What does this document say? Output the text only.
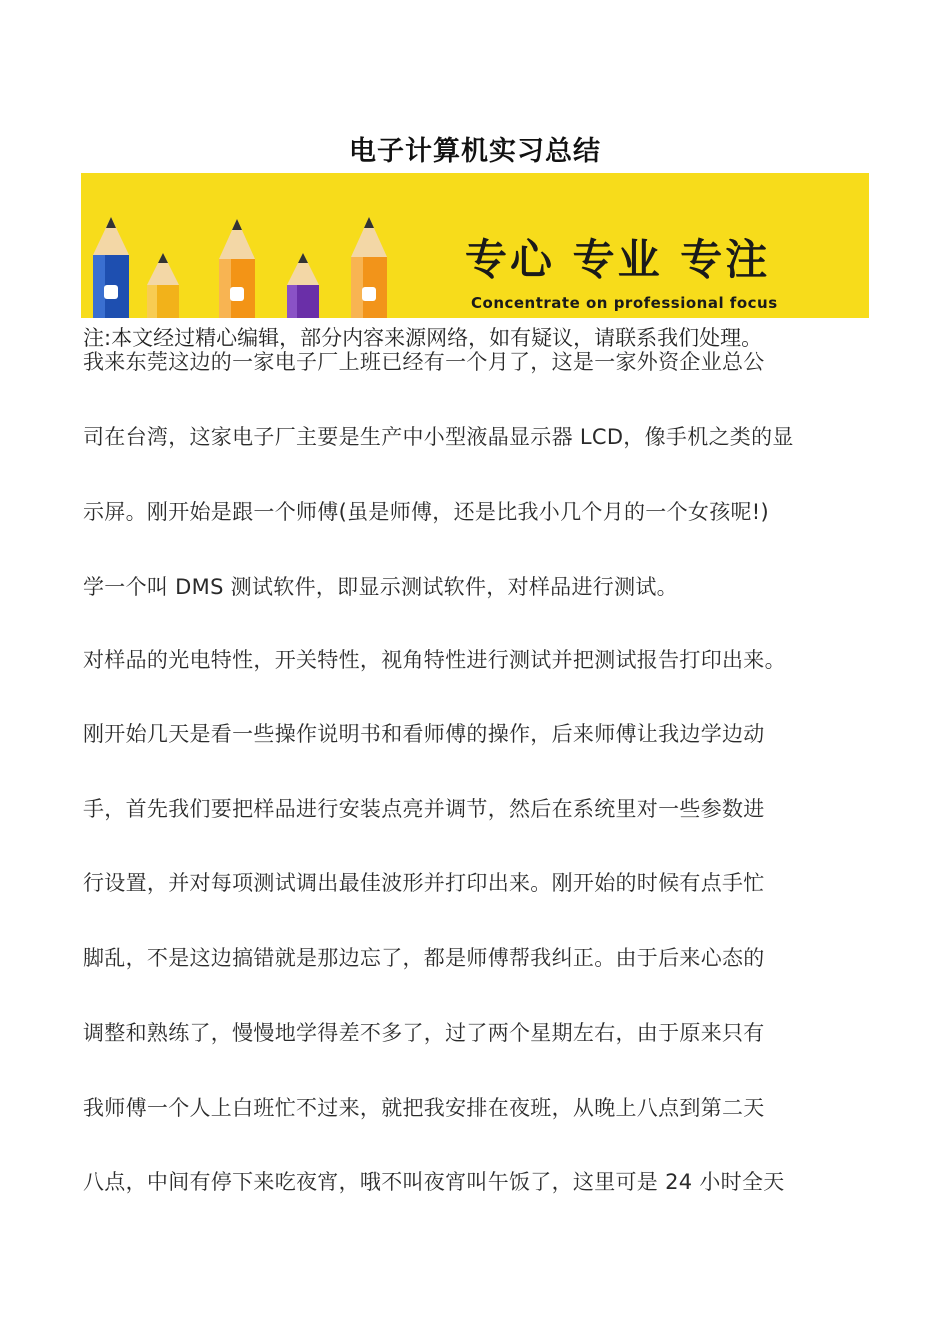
电子计算机实习总结
专心 专业 专注
Concentrate on professional focus
注:本文经过精心编辑，部分内容来源网络，如有疑议，请联系我们处理。
我来东莞这边的一家电子厂上班已经有一个月了，这是一家外资企业总公
司在台湾，这家电子厂主要是生产中小型液晶显示器 LCD，像手机之类的显
示屏。刚开始是跟一个师傅(虽是师傅，还是比我小几个月的一个女孩呢!)
学一个叫 DMS 测试软件，即显示测试软件，对样品进行测试。
对样品的光电特性，开关特性，视角特性进行测试并把测试报告打印出来。
刚开始几天是看一些操作说明书和看师傅的操作，后来师傅让我边学边动
手，首先我们要把样品进行安装点亮并调节，然后在系统里对一些参数进
行设置，并对每项测试调出最佳波形并打印出来。刚开始的时候有点手忙
脚乱，不是这边搞错就是那边忘了，都是师傅帮我纠正。由于后来心态的
调整和熟练了，慢慢地学得差不多了，过了两个星期左右，由于原来只有
我师傅一个人上白班忙不过来，就把我安排在夜班，从晚上八点到第二天
八点，中间有停下来吃夜宵，哦不叫夜宵叫午饭了，这里可是 24 小时全天
